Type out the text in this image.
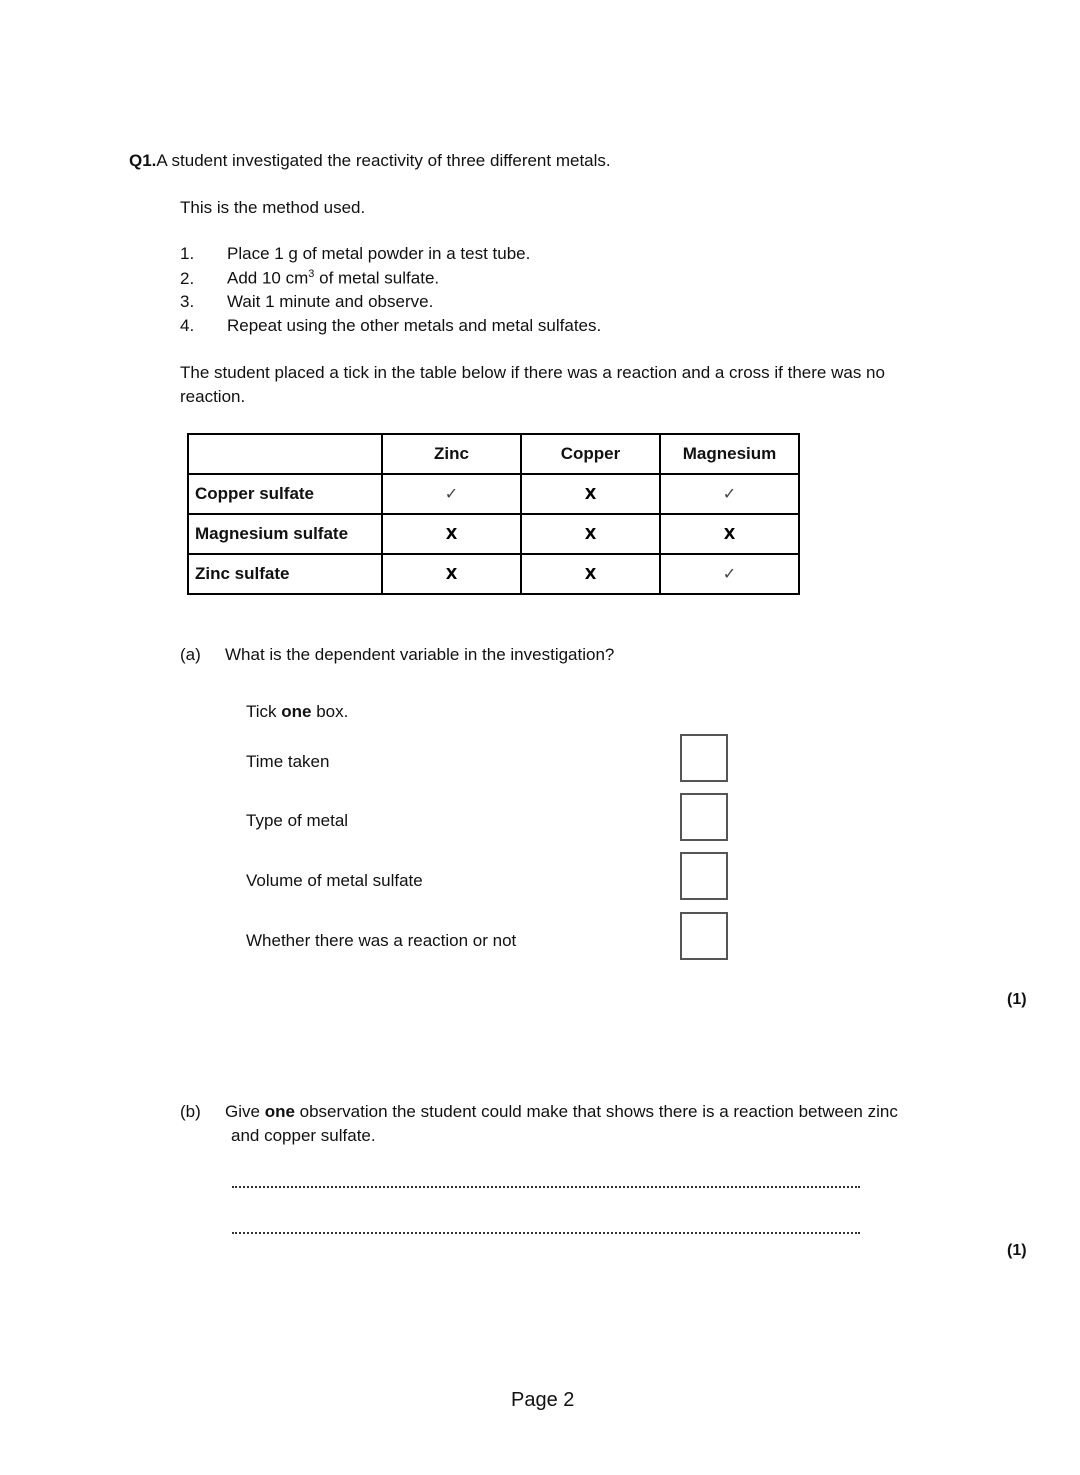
Q1.A student investigated the reactivity of three different metals.
This is the method used.
1. Place 1 g of metal powder in a test tube.
2. Add 10 $cm^3$ of metal sulfate.
3. Wait 1 minute and observe.
4. Repeat using the other metals and metal sulfates.
The student placed a tick in the table below if there was a reaction and a cross if there was no
reaction.
	Zinc	Copper	Magnesium
Copper sulfate	✓	X	✓
Magnesium sulfate	X	X	X
Zinc sulfate	X	X	✓
(a) What is the dependent variable in the investigation?
Tick one box.
Time taken
Type of metal
Volume of metal sulfate
Whether there was a reaction or not
(1)
(b) Give one observation the student could make that shows there is a reaction between zinc
and copper sulfate.
(1)
Page 2
